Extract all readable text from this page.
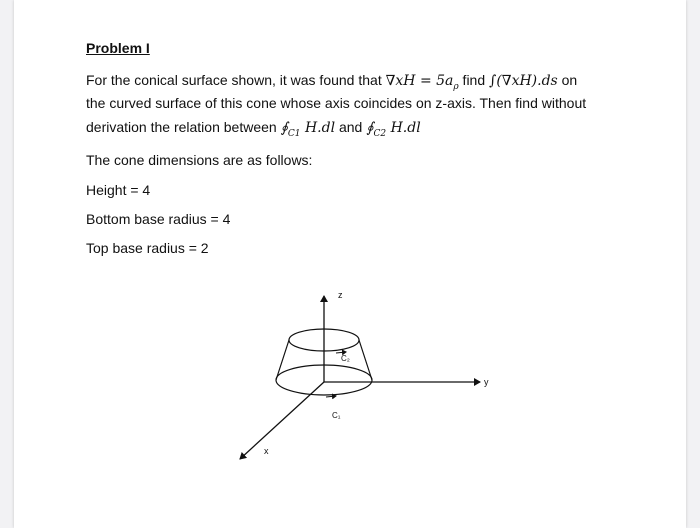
Problem I
For the conical surface shown, it was found that $\nabla xH = 5a_\rho$ find ∫(∇xH).ds on
the curved surface of this cone whose axis coincides on z-axis. Then find without
derivation the relation between $∮_{C1}$ H.dl and $∮_{C2}$ H.dl
The cone dimensions are as follows:
Height = 4
Bottom base radius = 4
Top base radius = 2
z
y
x
C₂
C₁
